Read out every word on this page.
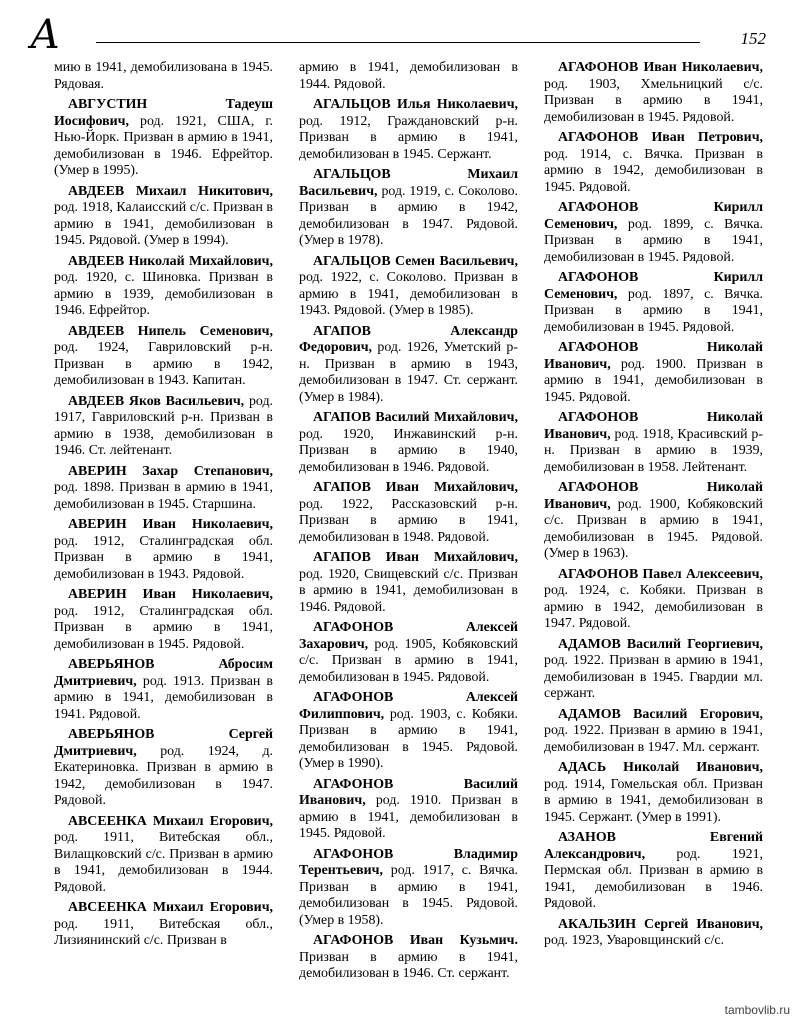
А	152

мию в 1941, демобилизована в 1945. Рядовая.

АВГУСТИН Тадеуш Иосифович, род. 1921, США, г. Нью-Йорк. Призван в армию в 1941, демобилизован в 1946. Ефрейтор. (Умер в 1995).

АВДЕЕВ Михаил Никитович, род. 1918, Калаисский с/с. Призван в армию в 1941, демобилизован в 1945. Рядовой. (Умер в 1994).

АВДЕЕВ Николай Михайлович, род. 1920, с. Шиновка. Призван в армию в 1939, демобилизован в 1946. Ефрейтор.

АВДЕЕВ Нипель Семенович, род. 1924, Гавриловский р-н. Призван в армию в 1942, демобилизован в 1943. Капитан.

АВДЕЕВ Яков Васильевич, род. 1917, Гавриловский р-н. Призван в армию в 1938, демобилизован в 1946. Ст. лейтенант.

АВЕРИН Захар Степанович, род. 1898. Призван в армию в 1941, демобилизован в 1945. Старшина.

АВЕРИН Иван Николаевич, род. 1912, Сталинградская обл. Призван в армию в 1941, демобилизован в 1943. Рядовой.

АВЕРИН Иван Николаевич, род. 1912, Сталинградская обл. Призван в армию в 1941, демобилизован в 1945. Рядовой.

АВЕРЬЯНОВ Абросим Дмитриевич, род. 1913. Призван в армию в 1941, демобилизован в 1941. Рядовой.

АВЕРЬЯНОВ Сергей Дмитриевич, род. 1924, д. Екатериновка. Призван в армию в 1942, демобилизован в 1947. Рядовой.

АВСЕЕНКА Михаил Егорович, род. 1911, Витебская обл., Вилащковский с/с. Призван в армию в 1941, демобилизован в 1944. Рядовой.

АВСЕЕНКА Михаил Егорович, род. 1911, Витебская обл., Лизиянинский с/с. Призван в

армию в 1941, демобилизован в 1944. Рядовой.

АГАЛЬЦОВ Илья Николаевич, род. 1912, Граждановский р-н. Призван в армию в 1941, демобилизован в 1945. Сержант.

АГАЛЬЦОВ Михаил Васильевич, род. 1919, с. Соколово. Призван в армию в 1942, демобилизован в 1947. Рядовой. (Умер в 1978).

АГАЛЬЦОВ Семен Васильевич, род. 1922, с. Соколово. Призван в армию в 1941, демобилизован в 1943. Рядовой. (Умер в 1985).

АГАПОВ Александр Федорович, род. 1926, Уметский р-н. Призван в армию в 1943, демобилизован в 1947. Ст. сержант. (Умер в 1984).

АГАПОВ Василий Михайлович, род. 1920, Инжавинский р-н. Призван в армию в 1940, демобилизован в 1946. Рядовой.

АГАПОВ Иван Михайлович, род. 1922, Рассказовский р-н. Призван в армию в 1941, демобилизован в 1948. Рядовой.

АГАПОВ Иван Михайлович, род. 1920, Свищевский с/с. Призван в армию в 1941, демобилизован в 1946. Рядовой.

АГАФОНОВ Алексей Захарович, род. 1905, Кобяковский с/с. Призван в армию в 1941, демобилизован в 1945. Рядовой.

АГАФОНОВ Алексей Филиппович, род. 1903, с. Кобяки. Призван в армию в 1941, демобилизован в 1945. Рядовой. (Умер в 1990).

АГАФОНОВ Василий Иванович, род. 1910. Призван в армию в 1941, демобилизован в 1945. Рядовой.

АГАФОНОВ Владимир Терентьевич, род. 1917, с. Вячка. Призван в армию в 1941, демобилизован в 1945. Рядовой. (Умер в 1958).

АГАФОНОВ Иван Кузьмич. Призван в армию в 1941, демобилизован в 1946. Ст. сержант.

АГАФОНОВ Иван Николаевич, род. 1903, Хмельницкий с/с. Призван в армию в 1941, демобилизован в 1945. Рядовой.

АГАФОНОВ Иван Петрович, род. 1914, с. Вячка. Призван в армию в 1942, демобилизован в 1945. Рядовой.

АГАФОНОВ Кирилл Семенович, род. 1899, с. Вячка. Призван в армию в 1941, демобилизован в 1945. Рядовой.

АГАФОНОВ Кирилл Семенович, род. 1897, с. Вячка. Призван в армию в 1941, демобилизован в 1945. Рядовой.

АГАФОНОВ Николай Иванович, род. 1900. Призван в армию в 1941, демобилизован в 1945. Рядовой.

АГАФОНОВ Николай Иванович, род. 1918, Красивский р-н. Призван в армию в 1939, демобилизован в 1958. Лейтенант.

АГАФОНОВ Николай Иванович, род. 1900, Кобяковский с/с. Призван в армию в 1941, демобилизован в 1945. Рядовой. (Умер в 1963).

АГАФОНОВ Павел Алексеевич, род. 1924, с. Кобяки. Призван в армию в 1942, демобилизован в 1947. Рядовой.

АДАМОВ Василий Георгиевич, род. 1922. Призван в армию в 1941, демобилизован в 1945. Гвардии мл. сержант.

АДАМОВ Василий Егорович, род. 1922. Призван в армию в 1941, демобилизован в 1947. Мл. сержант.

АДАСЬ Николай Иванович, род. 1914, Гомельская обл. Призван в армию в 1941, демобилизован в 1945. Сержант. (Умер в 1991).

АЗАНОВ Евгений Александрович, род. 1921, Пермская обл. Призван в армию в 1941, демобилизован в 1946. Рядовой.

АКАЛЬЗИН Сергей Иванович, род. 1923, Уваровщинский с/с.

tambovlib.ru
